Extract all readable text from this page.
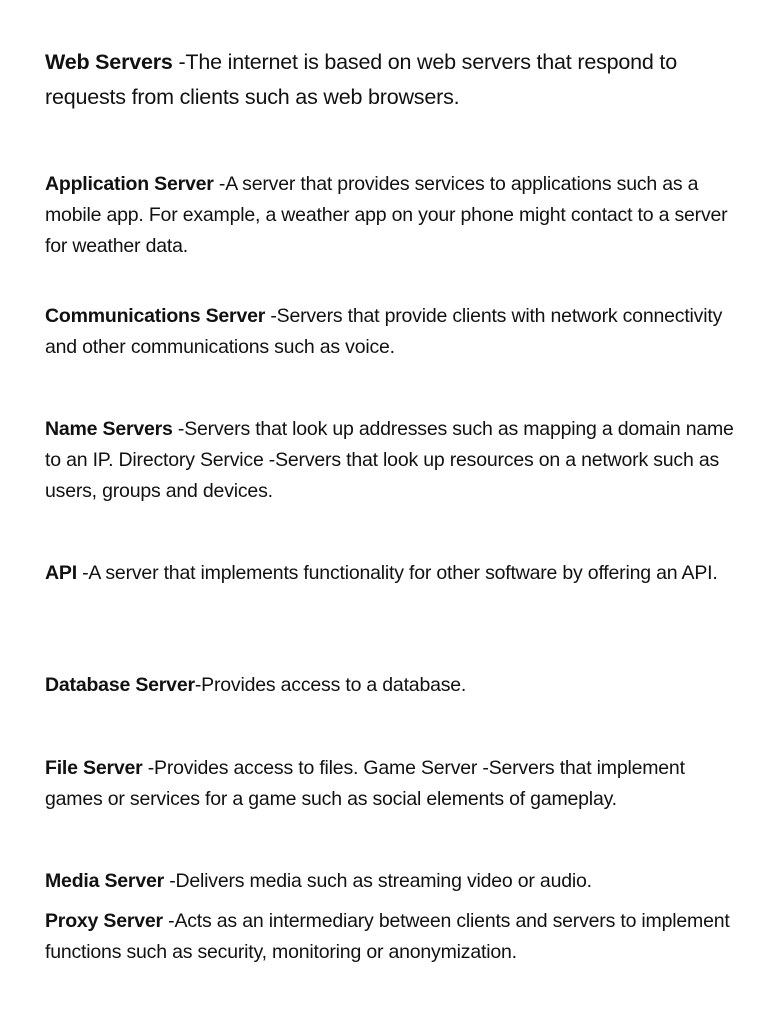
Web Servers -The internet is based on web servers that respond to requests from clients such as web browsers.

Application Server -A server that provides services to applications such as a mobile app. For example, a weather app on your phone might contact to a server for weather data.

Communications Server -Servers that provide clients with network connectivity and other communications such as voice.

Name Servers -Servers that look up addresses such as mapping a domain name to an IP. Directory Service -Servers that look up resources on a network such as users, groups and devices.

API -A server that implements functionality for other software by offering an API.

Database Server-Provides access to a database.

File Server -Provides access to files. Game Server -Servers that implement games or services for a game such as social elements of gameplay.

Media Server -Delivers media such as streaming video or audio.

Proxy Server -Acts as an intermediary between clients and servers to implement functions such as security, monitoring or anonymization.
